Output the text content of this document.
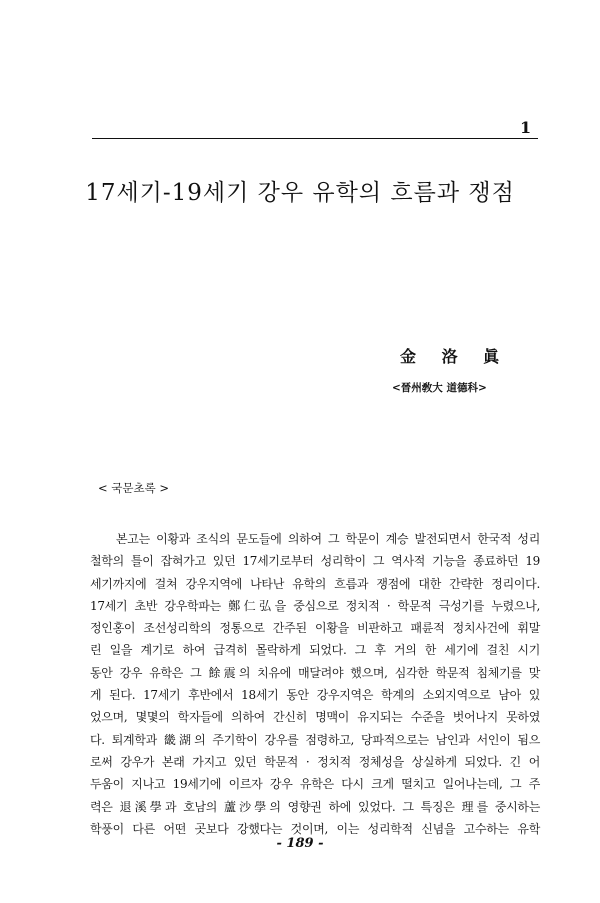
1
17세기-19세기 강우 유학의 흐름과 쟁점
金 洛 眞
<晉州敎大 道德科>
< 국문초록 >
본고는 이황과 조식의 문도들에 의하여 그 학문이 계승 발전되면서 한국적 성리
철학의 틀이 잡혀가고 있던 17세기로부터 성리학이 그 역사적 기능을 종료하던 19
세기까지에 걸쳐 강우지역에 나타난 유학의 흐름과 쟁점에 대한 간략한 정리이다.
17세기 초반 강우학파는 鄭仁弘을 중심으로 정치적 · 학문적 극성기를 누렸으나,
정인홍이 조선성리학의 정통으로 간주된 이황을 비판하고 패륜적 정치사건에 휘말
린 일을 계기로 하여 급격히 몰락하게 되었다. 그 후 거의 한 세기에 걸친 시기
동안 강우 유학은 그 餘震의 치유에 매달려야 했으며, 심각한 학문적 침체기를 맞
게 된다. 17세기 후반에서 18세기 동안 강우지역은 학계의 소외지역으로 남아 있
었으며, 몇몇의 학자들에 의하여 간신히 명맥이 유지되는 수준을 벗어나지 못하였
다. 퇴계학과 畿湖의 주기학이 강우를 점령하고, 당파적으로는 남인과 서인이 됨으
로써 강우가 본래 가지고 있던 학문적 · 정치적 정체성을 상실하게 되었다. 긴 어
두움이 지나고 19세기에 이르자 강우 유학은 다시 크게 떨치고 일어나는데, 그 주
력은 退溪學과 호남의 蘆沙學의 영향권 하에 있었다. 그 특징은 理를 중시하는
학풍이 다른 어떤 곳보다 강했다는 것이며, 이는 성리학적 신념을 고수하는 유학
- 189 -
